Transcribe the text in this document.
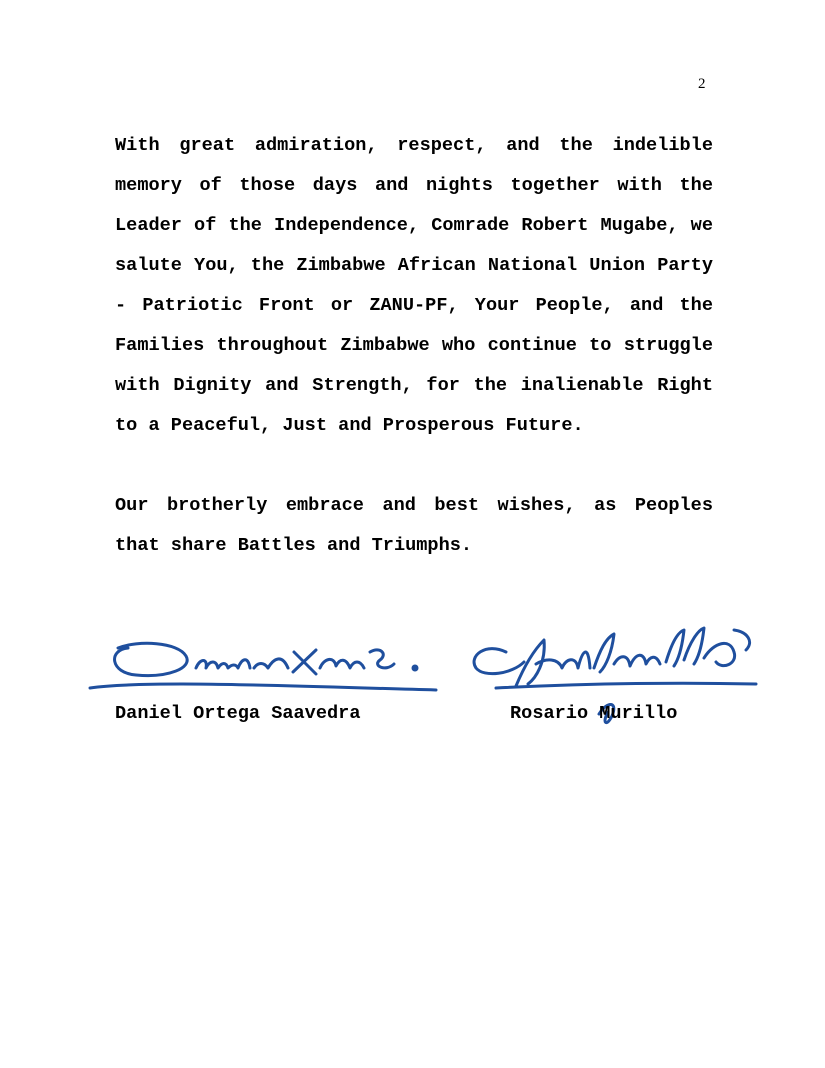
2

With great admiration, respect, and the indelible memory of those days and nights together with the Leader of the Independence, Comrade Robert Mugabe, we salute You, the Zimbabwe African National Union Party - Patriotic Front or ZANU-PF, Your People, and the Families throughout Zimbabwe who continue to struggle with Dignity and Strength, for the inalienable Right to a Peaceful, Just and Prosperous Future.

Our brotherly embrace and best wishes, as Peoples that share Battles and Triumphs.

Daniel Ortega Saavedra	Rosario Murillo
